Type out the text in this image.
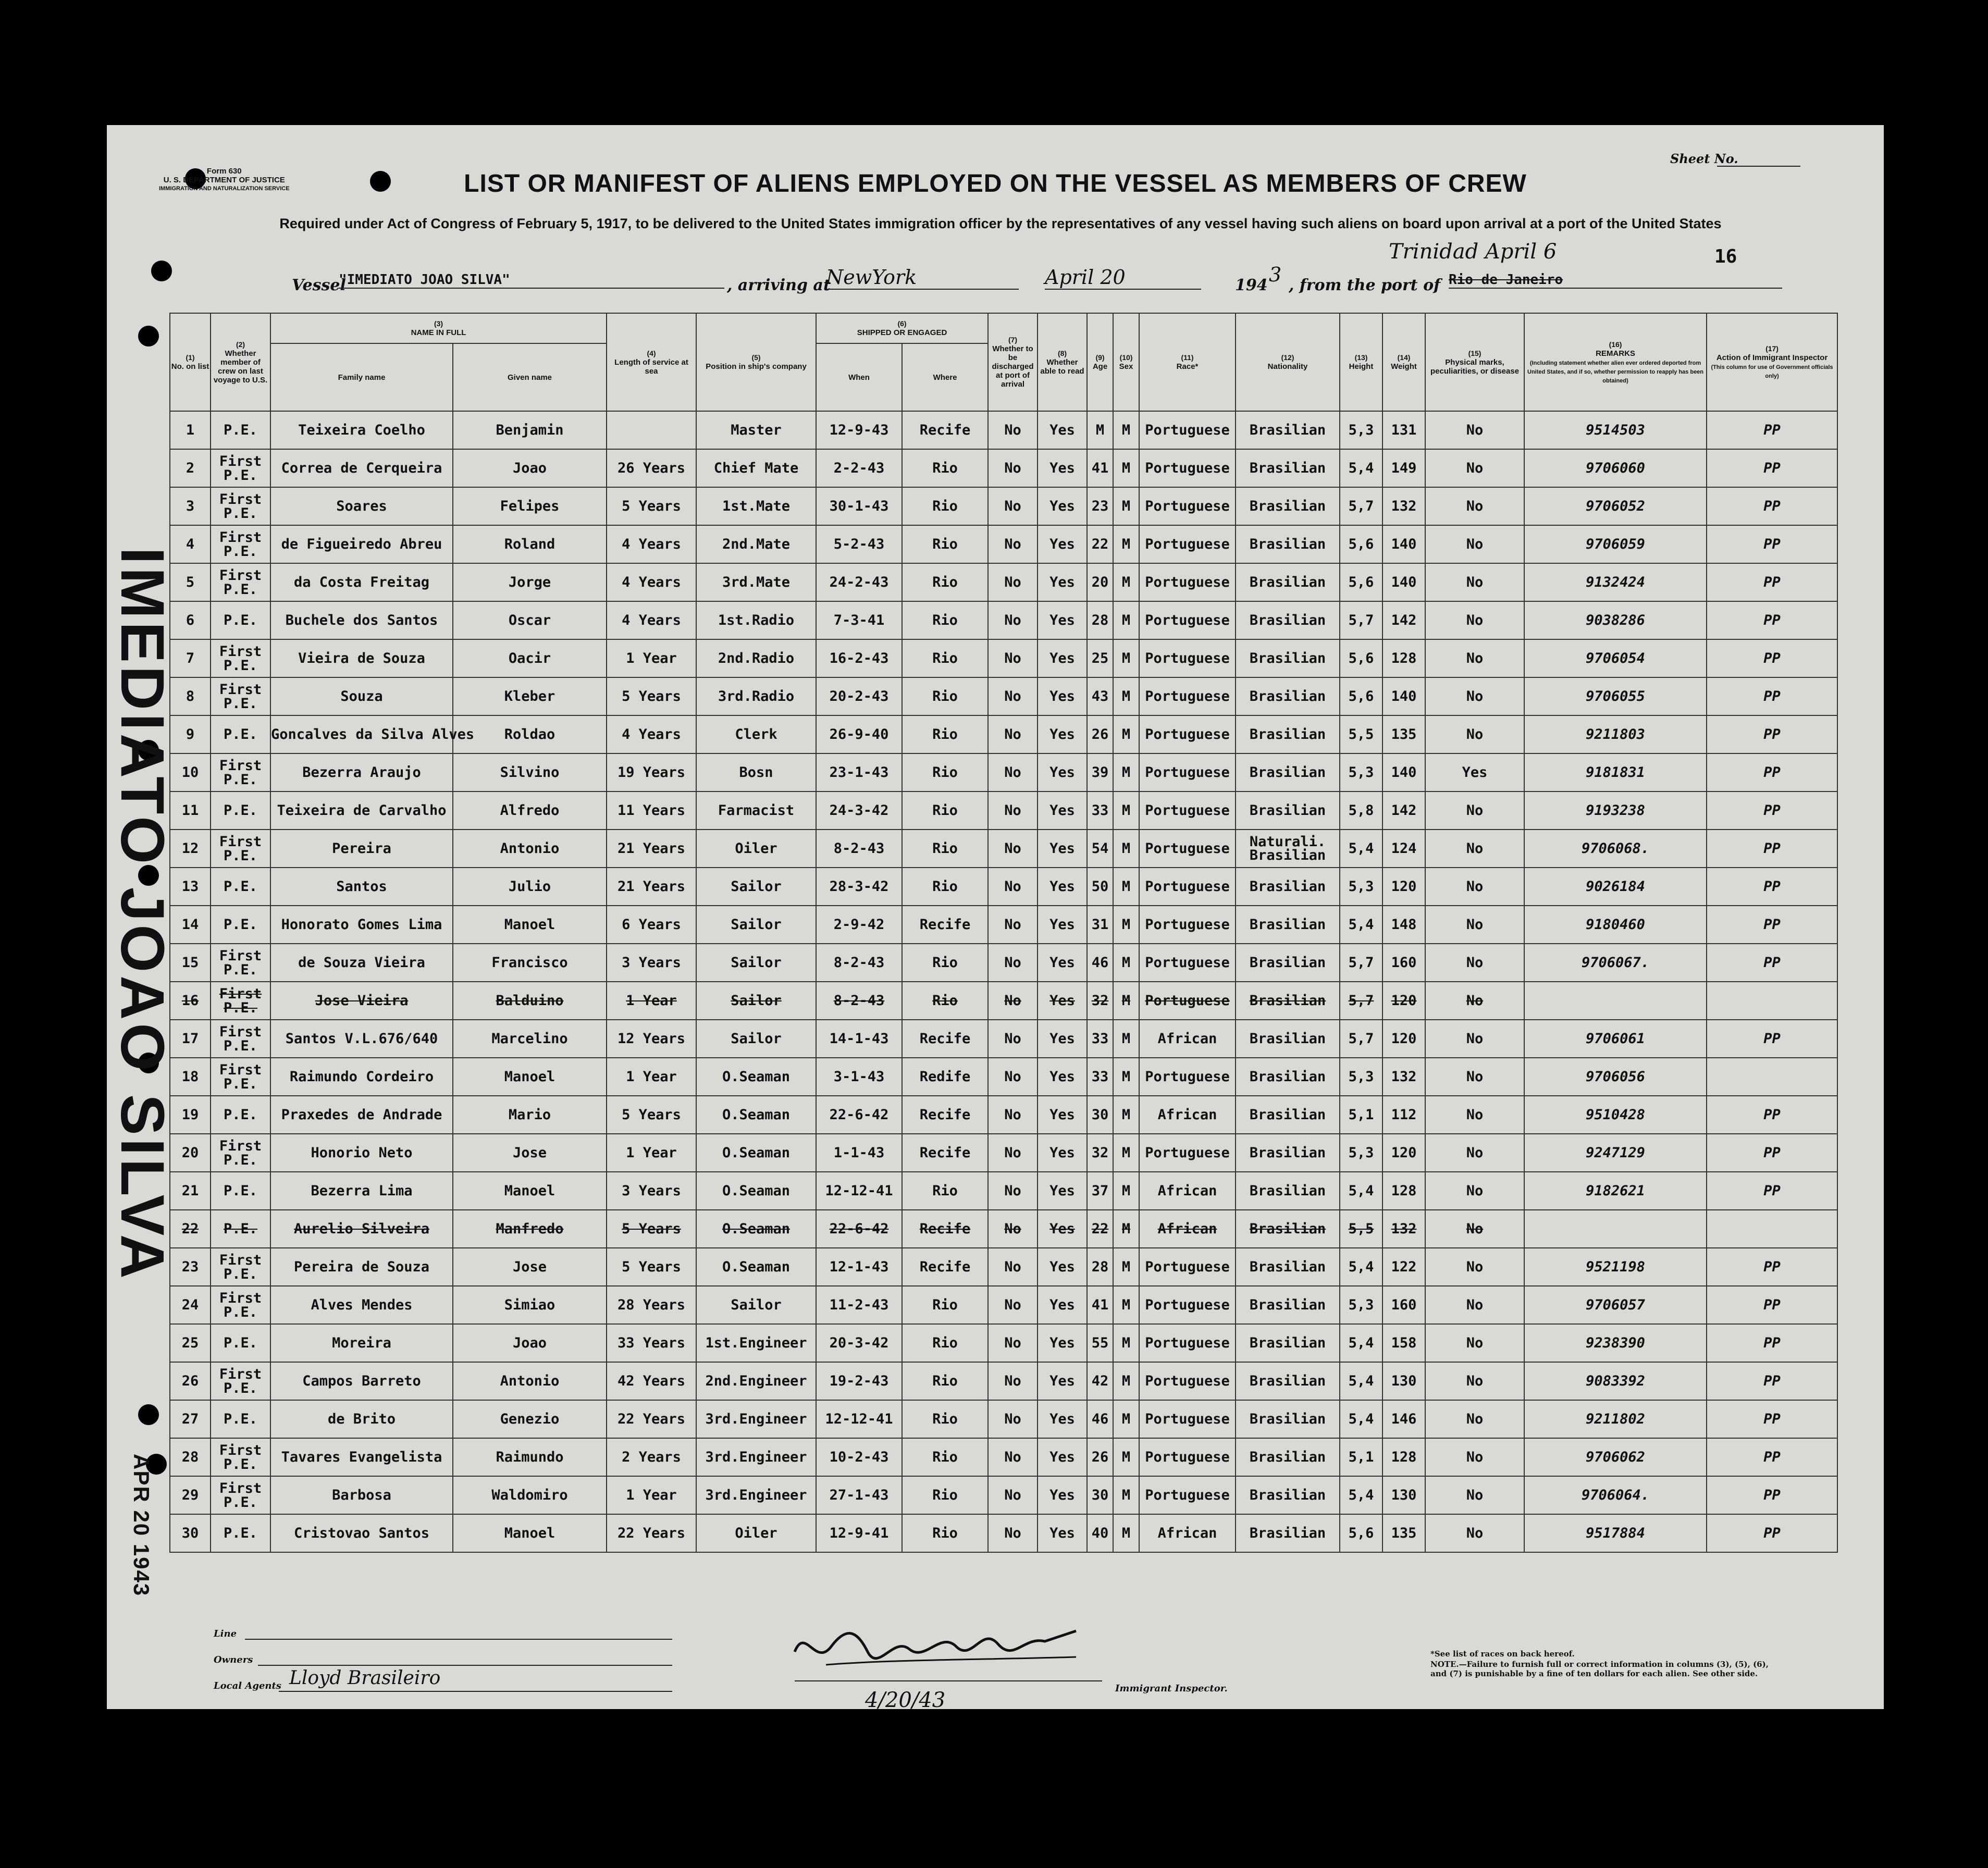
Form 630
U. S. DEPARTMENT OF JUSTICE
IMMIGRATION AND NATURALIZATION SERVICE
Sheet No.
LIST OR MANIFEST OF ALIENS EMPLOYED ON THE VESSEL AS MEMBERS OF CREW
Required under Act of Congress of February 5, 1917, to be delivered to the United States immigration officer by the representatives of any vessel having such aliens on board upon arrival at a port of the United States
Vessel
"IMEDIATO JOAO SILVA"	, arriving at
NewYork	April 20	194 3 , from the port of Rio de Janeiro
Trinidad April 6	16
(1)
No. on list	(2)
Whether member of crew on last voyage to U.S.	(3)
NAME IN FULL		(4)
Length of service at sea	(5)
Position in ship's company	(6)
SHIPPED OR ENGAGED		(7)
Whether to be discharged at port of arrival	(8)
Whether able to read	(9)
Age	(10)
Sex	(11)
Race*	(12)
Nationality	(13)
Height	(14)
Weight	(15)
Physical marks, peculiarities, or disease	(16)
REMARKS
(Including statement whether alien ever ordered deported from United States, and if so, whether permission to reapply has been obtained)	(17)
Action of Immigrant Inspector
(This column for use of Government officials only)
		Family name	Given name			When	Where											
1	P.E.	Teixeira Coelho	Benjamin		Master	12-9-43	Recife	No	Yes	M	M	Portuguese	Brasilian	5,3	131	No	9514503	PP
2	First P.E.	Correa de Cerqueira	Joao	26 Years	Chief Mate	2-2-43	Rio	No	Yes	41	M	Portuguese	Brasilian	5,4	149	No	9706060	PP
3	First P.E.	Soares	Felipes	5 Years	1st.Mate	30-1-43	Rio	No	Yes	23	M	Portuguese	Brasilian	5,7	132	No	9706052	PP
4	First P.E.	de Figueiredo Abreu	Roland	4 Years	2nd.Mate	5-2-43	Rio	No	Yes	22	M	Portuguese	Brasilian	5,6	140	No	9706059	PP
5	First P.E.	da Costa Freitag	Jorge	4 Years	3rd.Mate	24-2-43	Rio	No	Yes	20	M	Portuguese	Brasilian	5,6	140	No	9132424	PP
6	P.E.	Buchele dos Santos	Oscar	4 Years	1st.Radio	7-3-41	Rio	No	Yes	28	M	Portuguese	Brasilian	5,7	142	No	9038286	PP
7	First P.E.	Vieira de Souza	Oacir	1 Year	2nd.Radio	16-2-43	Rio	No	Yes	25	M	Portuguese	Brasilian	5,6	128	No	9706054	PP
8	First P.E.	Souza	Kleber	5 Years	3rd.Radio	20-2-43	Rio	No	Yes	43	M	Portuguese	Brasilian	5,6	140	No	9706055	PP
9	P.E.	Goncalves da Silva Alves	Roldao	4 Years	Clerk	26-9-40	Rio	No	Yes	26	M	Portuguese	Brasilian	5,5	135	No	9211803	PP
10	First P.E.	Bezerra Araujo	Silvino	19 Years	Bosn	23-1-43	Rio	No	Yes	39	M	Portuguese	Brasilian	5,3	140	Yes	9181831	PP
11	P.E.	Teixeira de Carvalho	Alfredo	11 Years	Farmacist	24-3-42	Rio	No	Yes	33	M	Portuguese	Brasilian	5,8	142	No	9193238	PP
12	First P.E.	Pereira	Antonio	21 Years	Oiler	8-2-43	Rio	No	Yes	54	M	Portuguese	Naturali. Brasilian	5,4	124	No	9706068.	PP
13	P.E.	Santos	Julio	21 Years	Sailor	28-3-42	Rio	No	Yes	50	M	Portuguese	Brasilian	5,3	120	No	9026184	PP
14	P.E.	Honorato Gomes Lima	Manoel	6 Years	Sailor	2-9-42	Recife	No	Yes	31	M	Portuguese	Brasilian	5,4	148	No	9180460	PP
15	First P.E.	de Souza Vieira	Francisco	3 Years	Sailor	8-2-43	Rio	No	Yes	46	M	Portuguese	Brasilian	5,7	160	No	9706067.	PP
16	First P.E.	Jose Vieira	Balduino	1 Year	Sailor	8-2-43	Rio	No	Yes	32	M	Portuguese	Brasilian	5,7	120	No		
17	First P.E.	Santos V.L.676/640	Marcelino	12 Years	Sailor	14-1-43	Recife	No	Yes	33	M	African	Brasilian	5,7	120	No	9706061	PP
18	First P.E.	Raimundo Cordeiro	Manoel	1 Year	O.Seaman	3-1-43	Redife	No	Yes	33	M	Portuguese	Brasilian	5,3	132	No	9706056	
19	P.E.	Praxedes de Andrade	Mario	5 Years	O.Seaman	22-6-42	Recife	No	Yes	30	M	African	Brasilian	5,1	112	No	9510428	PP
20	First P.E.	Honorio Neto	Jose	1 Year	O.Seaman	1-1-43	Recife	No	Yes	32	M	Portuguese	Brasilian	5,3	120	No	9247129	PP
21	P.E.	Bezerra Lima	Manoel	3 Years	O.Seaman	12-12-41	Rio	No	Yes	37	M	African	Brasilian	5,4	128	No	9182621	PP
22	P.E.	Aurelio Silveira	Manfredo	5 Years	O.Seaman	22-6-42	Recife	No	Yes	22	M	African	Brasilian	5,5	132	No		
23	First P.E.	Pereira de Souza	Jose	5 Years	O.Seaman	12-1-43	Recife	No	Yes	28	M	Portuguese	Brasilian	5,4	122	No	9521198	PP
24	First P.E.	Alves Mendes	Simiao	28 Years	Sailor	11-2-43	Rio	No	Yes	41	M	Portuguese	Brasilian	5,3	160	No	9706057	PP
25	P.E.	Moreira	Joao	33 Years	1st.Engineer	20-3-42	Rio	No	Yes	55	M	Portuguese	Brasilian	5,4	158	No	9238390	PP
26	First P.E.	Campos Barreto	Antonio	42 Years	2nd.Engineer	19-2-43	Rio	No	Yes	42	M	Portuguese	Brasilian	5,4	130	No	9083392	PP
27	P.E.	de Brito	Genezio	22 Years	3rd.Engineer	12-12-41	Rio	No	Yes	46	M	Portuguese	Brasilian	5,4	146	No	9211802	PP
28	First P.E.	Tavares Evangelista	Raimundo	2 Years	3rd.Engineer	10-2-43	Rio	No	Yes	26	M	Portuguese	Brasilian	5,1	128	No	9706062	PP
29	First P.E.	Barbosa	Waldomiro	1 Year	3rd.Engineer	27-1-43	Rio	No	Yes	30	M	Portuguese	Brasilian	5,4	130	No	9706064.	PP
30	P.E.	Cristovao Santos	Manoel	22 Years	Oiler	12-9-41	Rio	No	Yes	40	M	African	Brasilian	5,6	135	No	9517884	PP
IMEDIATO JOAO SILVA
APR 20 1943
Line
Owners
Local Agents Lloyd Brasileiro	Immigrant Inspector.
4/20/43
*See list of races on back hereof.
NOTE.—Failure to furnish full or correct information in columns (3), (5), (6), and (7) is punishable by a fine of ten dollars for each alien. See other side.
